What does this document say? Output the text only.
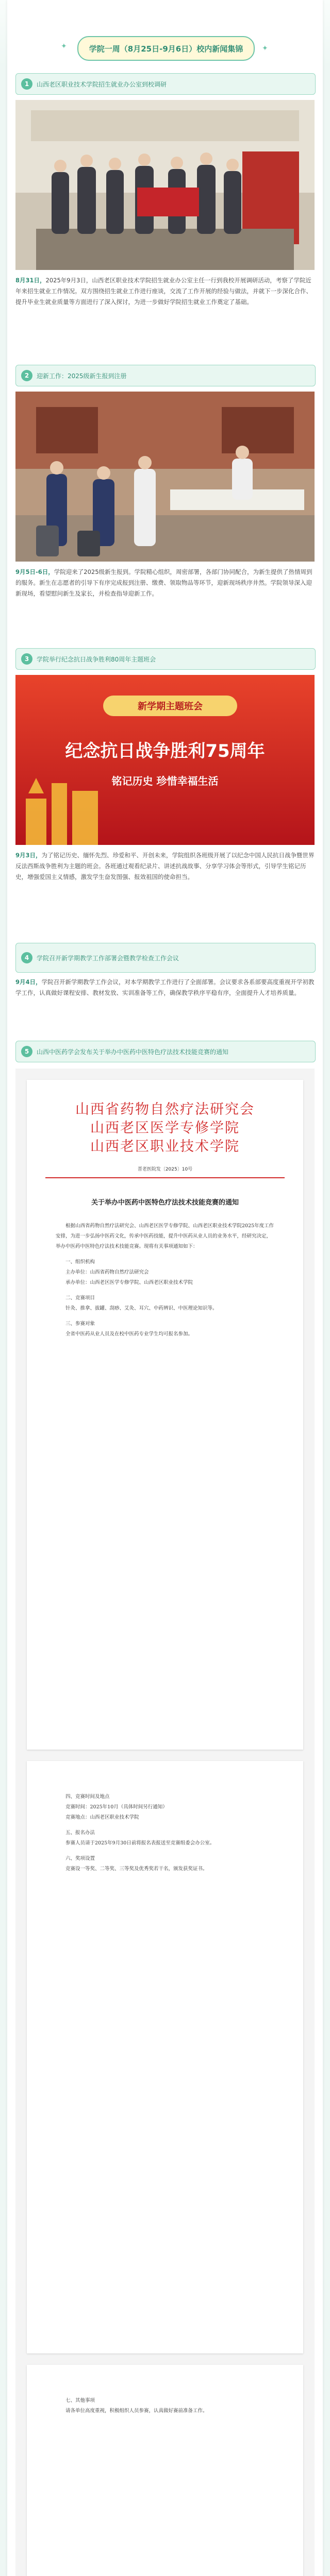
✦	✦
学院一周（8月25日-9月6日）校内新闻集锦
1	山西老区职业技术学院招生就业办公室到校调研
8月31日，2025年9月3日，山西老区职业技术学院招生就业办公室主任一行到我校开展调研活动，考察了学院近年来招生就业工作情况。双方围绕招生就业工作进行座谈，交流了工作开展的经验与做法，并就下一步深化合作、提升毕业生就业质量等方面进行了深入探讨，为进一步做好学院招生就业工作奠定了基础。
2	迎新工作：2025级新生报到注册
9月5日-6日，学院迎来了2025级新生报到。学院精心组织，周密部署，各部门协同配合，为新生提供了热情周到的服务。新生在志愿者的引导下有序完成报到注册、缴费、领取物品等环节，迎新现场秩序井然。学院领导深入迎新现场，看望慰问新生及家长，并检查指导迎新工作。
3	学院举行纪念抗日战争胜利80周年主题班会
新学期主题班会
纪念抗日战争胜利75周年
铭记历史 珍惜幸福生活
9月3日，为了铭记历史、缅怀先烈、珍爱和平、开创未来，学院组织各班级开展了以纪念中国人民抗日战争暨世界反法西斯战争胜利为主题的班会。各班通过观看纪录片、讲述抗战故事、分享学习体会等形式，引导学生铭记历史，增强爱国主义情感，激发学生奋发图强、报效祖国的使命担当。
4	学院召开新学期教学工作部署会暨教学检查工作会议
9月4日，学院召开新学期教学工作会议，对本学期教学工作进行了全面部署。会议要求各系部要高度重视开学初教学工作，认真做好课程安排、教材发放、实训准备等工作，确保教学秩序平稳有序，全面提升人才培养质量。
5	山西中医药学会发布关于举办中医药中医特色疗法技术技能竞赛的通知
山西省药物自然疗法研究会
山西老区医学专修学院
山西老区职业技术学院
晋老医院发〔2025〕10号
关于举办中医药中医特色疗法技术技能竞赛的通知

根据山西省药物自然疗法研究会、山西老区医学专修学院、山西老区职业技术学院2025年度工作安排，为进一步弘扬中医药文化，传承中医药技能，提升中医药从业人员的业务水平，经研究决定，举办中医药中医特色疗法技术技能竞赛。现将有关事项通知如下：

一、组织机构

主办单位：山西省药物自然疗法研究会

承办单位：山西老区医学专修学院、山西老区职业技术学院

二、竞赛项目

针灸、推拿、拔罐、刮痧、艾灸、耳穴、中药辨识、中医理论知识等。

三、参赛对象

全省中医药从业人员及在校中医药专业学生均可报名参加。

四、竞赛时间及地点

竞赛时间：2025年10月（具体时间另行通知）

竞赛地点：山西老区职业技术学院

五、报名办法

参赛人员请于2025年9月30日前将报名表报送至竞赛组委会办公室。

六、奖项设置

竞赛设一等奖、二等奖、三等奖及优秀奖若干名，颁发获奖证书。

七、其他事项

请各单位高度重视，积极组织人员参赛，认真做好赛前准备工作。
